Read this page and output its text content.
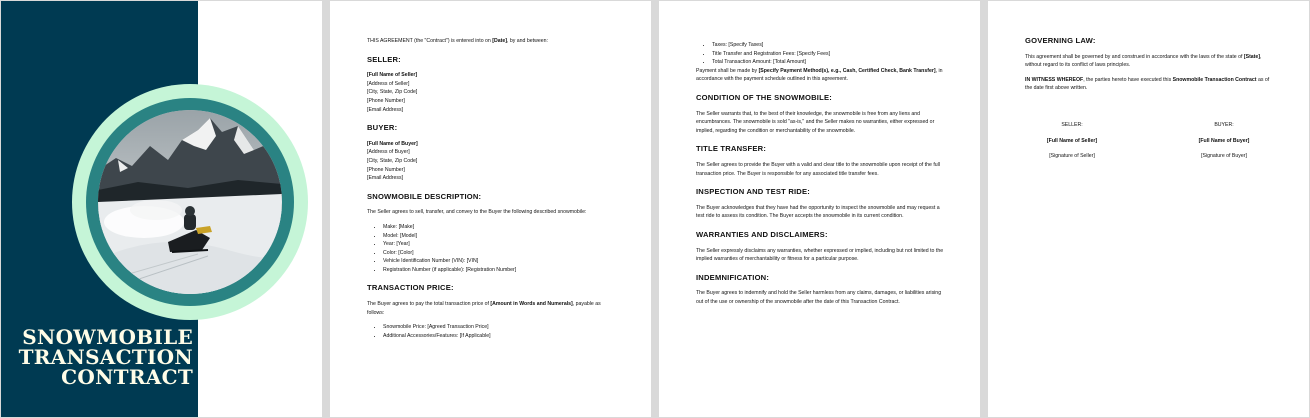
SNOWMOBILE
TRANSACTION
CONTRACT

THIS AGREEMENT (the "Contract") is entered into on [Date], by and between:

SELLER:
[Full Name of Seller]
[Address of Seller]
[City, State, Zip Code]
[Phone Number]
[Email Address]
BUYER:
[Full Name of Buyer]
[Address of Buyer]
[City, State, Zip Code]
[Phone Number]
[Email Address]
SNOWMOBILE DESCRIPTION:

The Seller agrees to sell, transfer, and convey to the Buyer the following described snowmobile:

• Make: [Make]
• Model: [Model]
• Year: [Year]
• Color: [Color]
• Vehicle Identification Number (VIN): [VIN]
• Registration Number (if applicable): [Registration Number]
TRANSACTION PRICE:

The Buyer agrees to pay the total transaction price of [Amount in Words and Numerals], payable as follows:

• Snowmobile Price: [Agreed Transaction Price]
• Additional Accessories/Features: [If Applicable]
• Taxes: [Specify Taxes]
• Title Transfer and Registration Fees: [Specify Fees]
• Total Transaction Amount: [Total Amount]

Payment shall be made by [Specify Payment Method(s), e.g., Cash, Certified Check, Bank Transfer], in accordance with the payment schedule outlined in this agreement.

CONDITION OF THE SNOWMOBILE:

The Seller warrants that, to the best of their knowledge, the snowmobile is free from any liens and encumbrances. The snowmobile is sold "as-is," and the Seller makes no warranties, either expressed or implied, regarding the condition or merchantability of the snowmobile.

TITLE TRANSFER:

The Seller agrees to provide the Buyer with a valid and clear title to the snowmobile upon receipt of the full transaction price. The Buyer is responsible for any associated title transfer fees.

INSPECTION AND TEST RIDE:

The Buyer acknowledges that they have had the opportunity to inspect the snowmobile and may request a test ride to assess its condition. The Buyer accepts the snowmobile in its current condition.

WARRANTIES AND DISCLAIMERS:

The Seller expressly disclaims any warranties, whether expressed or implied, including but not limited to the implied warranties of merchantability or fitness for a particular purpose.

INDEMNIFICATION:

The Buyer agrees to indemnify and hold the Seller harmless from any claims, damages, or liabilities arising out of the use or ownership of the snowmobile after the date of this Transaction Contract.

GOVERNING LAW:

This agreement shall be governed by and construed in accordance with the laws of the state of [State], without regard to its conflict of laws principles.

IN WITNESS WHEREOF, the parties hereto have executed this Snowmobile Transaction Contract as of the date first above written.

SELLER:
[Full Name of Seller]
[Signature of Seller]
BUYER:
[Full Name of Buyer]
[Signature of Buyer]
